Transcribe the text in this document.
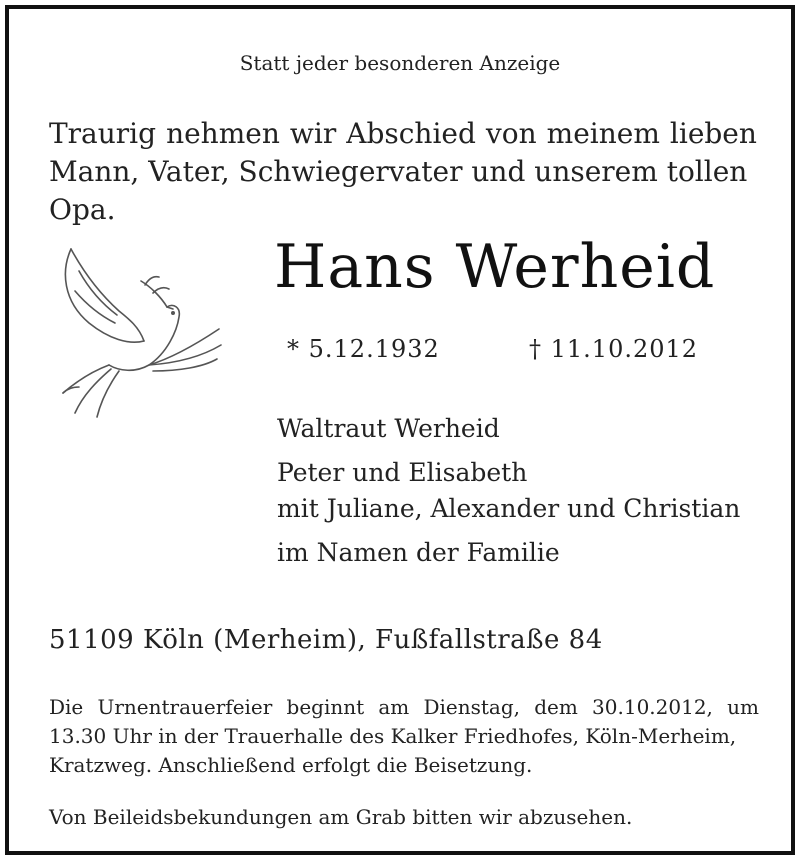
Statt jeder besonderen Anzeige
Traurig nehmen wir Abschied von meinem lieben
Mann, Vater, Schwiegervater und unserem tollen Opa.
Hans Werheid
* 5.12.1932	† 11.10.2012
Waltraut Werheid
Peter und Elisabeth
mit Juliane, Alexander und Christian
im Namen der Familie
51109 Köln (Merheim), Fußfallstraße 84
Die Urnentrauerfeier beginnt am Dienstag, dem 30.10.2012, um
13.30 Uhr in der Trauerhalle des Kalker Friedhofes, Köln-Merheim,
Kratzweg. Anschließend erfolgt die Beisetzung.
Von Beileidsbekundungen am Grab bitten wir abzusehen.
